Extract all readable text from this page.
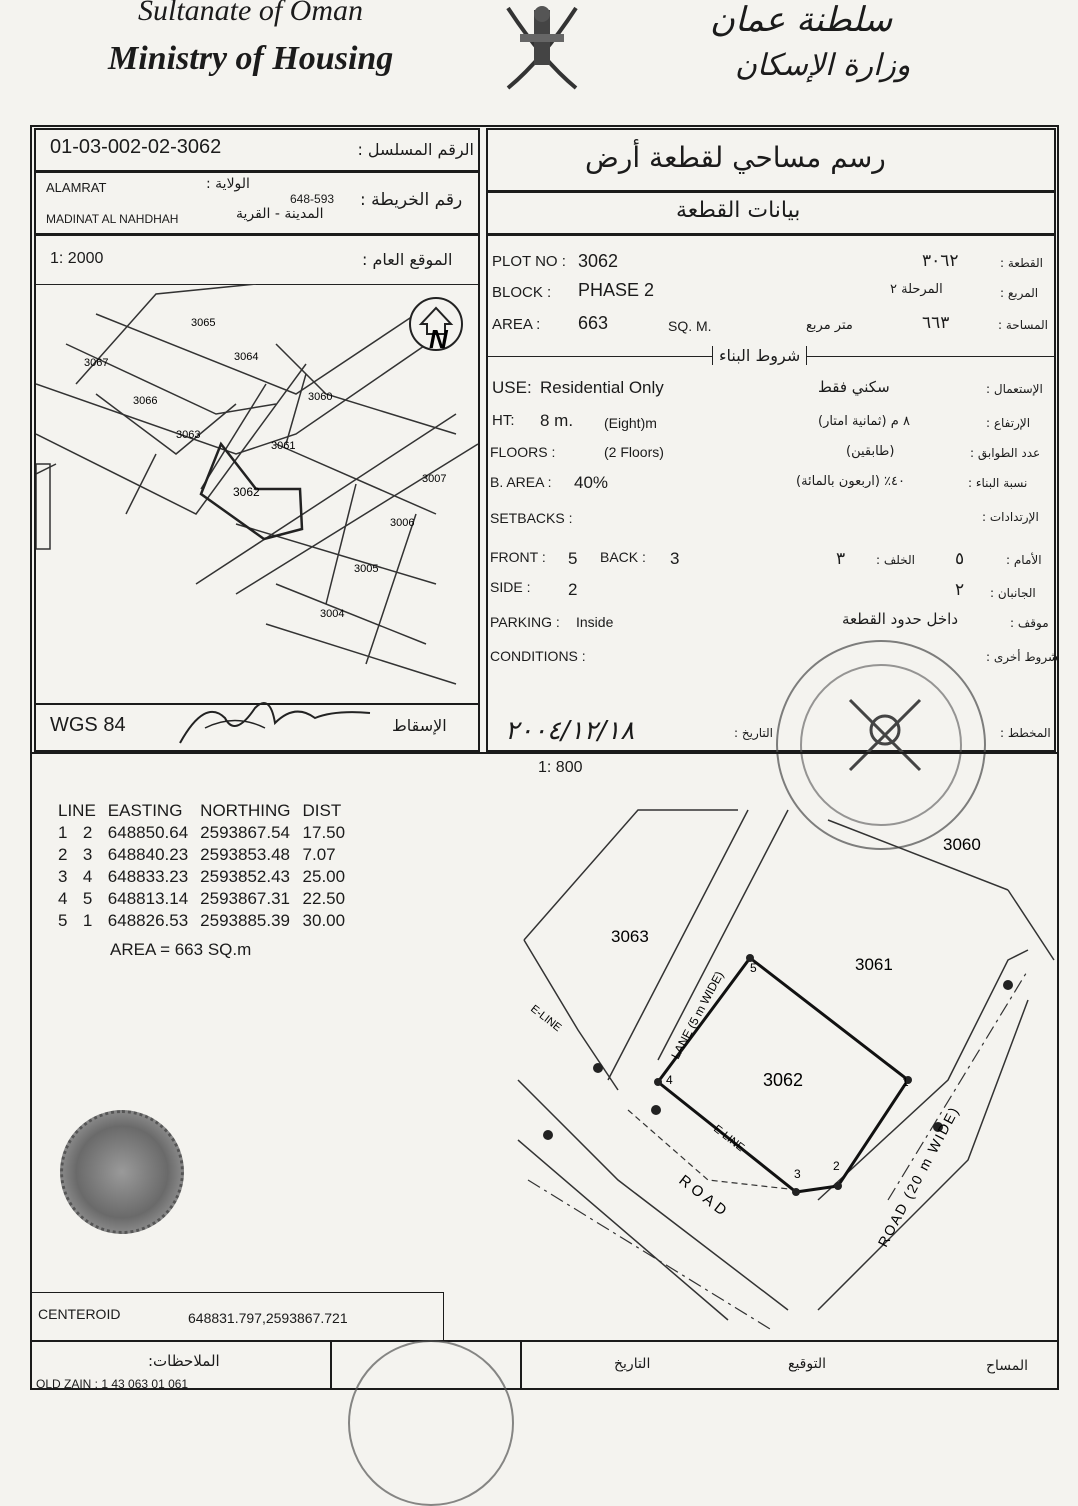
Sultanate of Oman
Ministry of Housing
سلطنة عمان
وزارة الإسكان
01-03-002-02-3062	الرقم المسلسل :
ALAMRAT	الولاية :
648-593 رقم الخريطة :
MADINAT AL NAHDHAH	المدينة - القرية
1: 2000	الموقع العام :
N
3065
3064
3067
3066
3063
3060
3061
3062
3007
3006
3005
3004
WGS 84	الإسقاط
رسم مساحي لقطعة أرض
بيانات القطعة
PLOT NO : 3062
BLOCK : PHASE 2
AREA : 663	SQ. M.
٣٠٦٢	القطعة :
المرحلة ٢	المربع :
متر مربع	٦٦٣	المساحة :
شروط البناء
USE: Residential Only	سكني فقط	الإستعمال :
HT: 8 m. (Eight)m	٨ م (ثمانية امتار)	الإرتفاع :
FLOORS :	(2 Floors)	(طابقين)	عدد الطوابق :
B. AREA : 40%	٤٠٪ (اربعون بالمائة)	نسبة البناء :
SETBACKS :	الإرتدادات :
FRONT : 5 BACK : 3	٣	الخلف : ٥	الأمام :
SIDE : 2	٢ الجانبان :
PARKING : Inside	داخل حدود القطعة	موقف :
CONDITIONS :	شروط أخرى :
٢٠٠٤/١٢/١٨	التاريخ :	المخطط :
LINE		EASTING	NORTHING	DIST
1	2	648850.64	2593867.54	17.50
2	3	648840.23	2593853.48	7.07
3	4	648833.23	2593852.43	25.00
4	5	648813.14	2593867.31	22.50
5	1	648826.53	2593885.39	30.00
AREA = 663 SQ.m
1: 800
3060
3063
3061
3062
LANE (5 m WIDE)
E-LINE
E-LINE
ROAD	ROAD (20 m WIDE)
1
2
3
4
5
CENTEROID	648831.797,2593867.721
الملاحظات:
OLD ZAIN : 1 43 063 01 061
التاريخ	التوقيع	المساح
